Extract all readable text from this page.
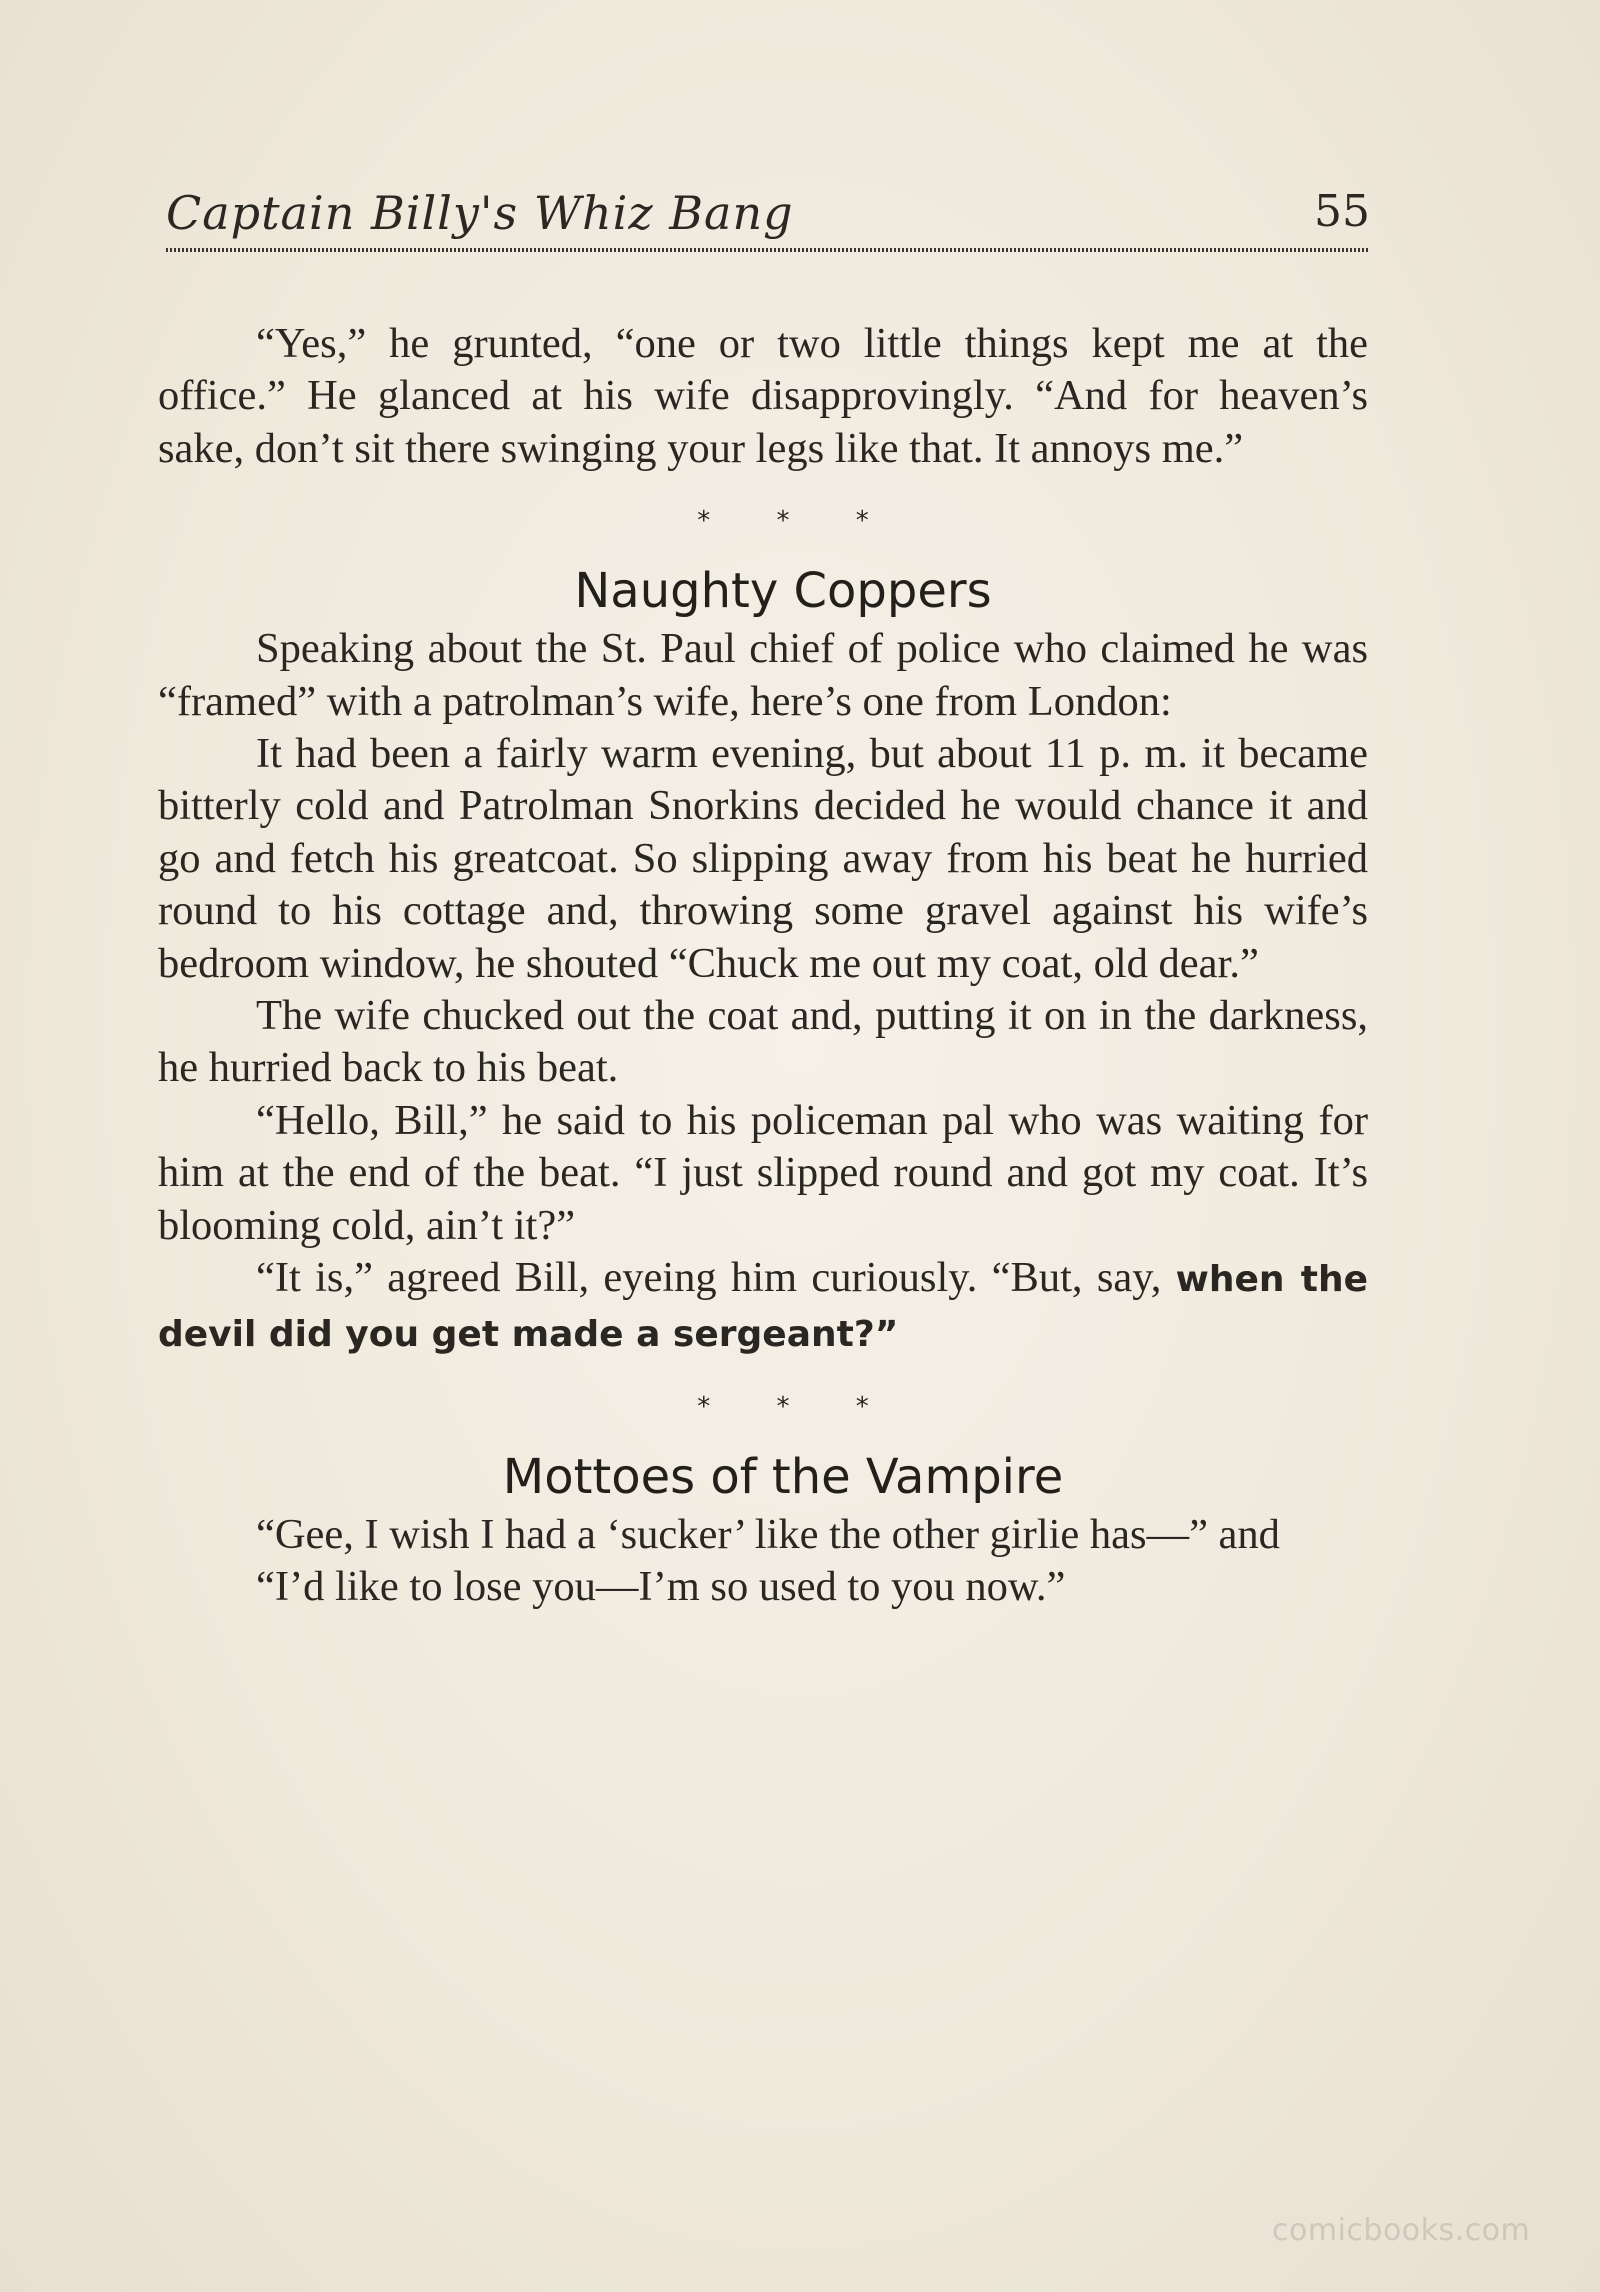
Captain Billy's Whiz Bang	55

“Yes,” he grunted, “one or two little things kept me at the office.” He glanced at his wife disapprovingly. “And for heaven’s sake, don’t sit there swinging your legs like that. It annoys me.”

* * *
Naughty Coppers

Speaking about the St. Paul chief of police who claimed he was “framed” with a patrolman’s wife, here’s one from London:

It had been a fairly warm evening, but about 11 p. m. it became bitterly cold and Patrolman Snorkins decided he would chance it and go and fetch his greatcoat. So slipping away from his beat he hurried round to his cottage and, throwing some gravel against his wife’s bedroom window, he shouted “Chuck me out my coat, old dear.”

The wife chucked out the coat and, putting it on in the darkness, he hurried back to his beat.

“Hello, Bill,” he said to his policeman pal who was waiting for him at the end of the beat. “I just slipped round and got my coat. It’s blooming cold, ain’t it?”

“It is,” agreed Bill, eyeing him curiously. “But, say, when the devil did you get made a sergeant?”

* * *
Mottoes of the Vampire

“Gee, I wish I had a ‘sucker’ like the other girlie has—” and

“I’d like to lose you—I’m so used to you now.”

comicbooks.com
